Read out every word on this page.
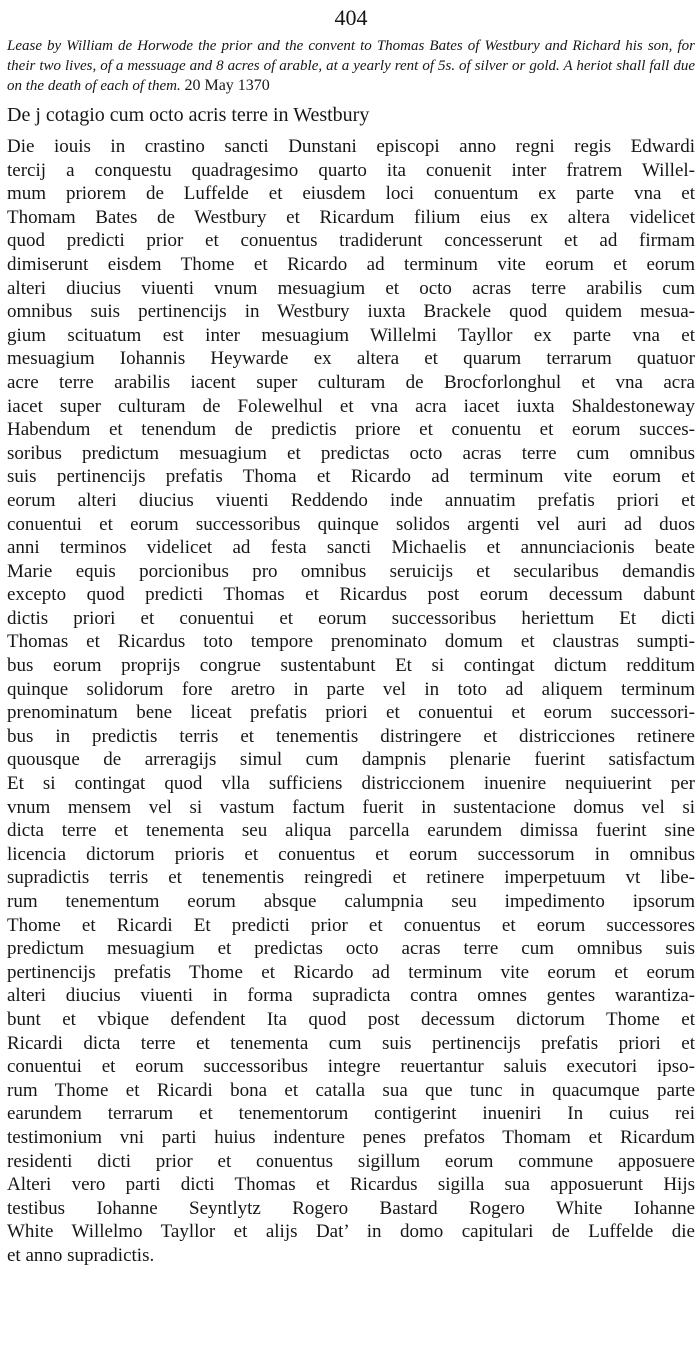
404

Lease by William de Horwode the prior and the convent to Thomas Bates of Westbury and Richard his son, for their two lives, of a messuage and 8 acres of arable, at a yearly rent of 5s. of silver or gold. A heriot shall fall due on the death of each of them. 20 May 1370

De j cotagio cum octo acris terre in Westbury
Die iouis in crastino sancti Dunstani episcopi anno regni regis Edwardi
tercij a conquestu quadragesimo quarto ita conuenit inter fratrem Willel-
mum priorem de Luffelde et eiusdem loci conuentum ex parte vna et
Thomam Bates de Westbury et Ricardum filium eius ex altera videlicet
quod predicti prior et conuentus tradiderunt concesserunt et ad firmam
dimiserunt eisdem Thome et Ricardo ad terminum vite eorum et eorum
alteri diucius viuenti vnum mesuagium et octo acras terre arabilis cum
omnibus suis pertinencijs in Westbury iuxta Brackele quod quidem mesua-
gium scituatum est inter mesuagium Willelmi Tayllor ex parte vna et
mesuagium Iohannis Heywarde ex altera et quarum terrarum quatuor
acre terre arabilis iacent super culturam de Brocforlonghul et vna acra
iacet super culturam de Folewelhul et vna acra iacet iuxta Shaldestoneway
Habendum et tenendum de predictis priore et conuentu et eorum succes-
soribus predictum mesuagium et predictas octo acras terre cum omnibus
suis pertinencijs prefatis Thoma et Ricardo ad terminum vite eorum et
eorum alteri diucius viuenti Reddendo inde annuatim prefatis priori et
conuentui et eorum successoribus quinque solidos argenti vel auri ad duos
anni terminos videlicet ad festa sancti Michaelis et annunciacionis beate
Marie equis porcionibus pro omnibus seruicijs et secularibus demandis
excepto quod predicti Thomas et Ricardus post eorum decessum dabunt
dictis priori et conuentui et eorum successoribus heriettum Et dicti
Thomas et Ricardus toto tempore prenominato domum et claustras sumpti-
bus eorum proprijs congrue sustentabunt Et si contingat dictum redditum
quinque solidorum fore aretro in parte vel in toto ad aliquem terminum
prenominatum bene liceat prefatis priori et conuentui et eorum successori-
bus in predictis terris et tenementis distringere et districciones retinere
quousque de arreragijs simul cum dampnis plenarie fuerint satisfactum
Et si contingat quod vlla sufficiens districcionem inuenire nequiuerint per
vnum mensem vel si vastum factum fuerit in sustentacione domus vel si
dicta terre et tenementa seu aliqua parcella earundem dimissa fuerint sine
licencia dictorum prioris et conuentus et eorum successorum in omnibus
supradictis terris et tenementis reingredi et retinere imperpetuum vt libe-
rum tenementum eorum absque calumpnia seu impedimento ipsorum
Thome et Ricardi Et predicti prior et conuentus et eorum successores
predictum mesuagium et predictas octo acras terre cum omnibus suis
pertinencijs prefatis Thome et Ricardo ad terminum vite eorum et eorum
alteri diucius viuenti in forma supradicta contra omnes gentes warantiza-
bunt et vbique defendent Ita quod post decessum dictorum Thome et
Ricardi dicta terre et tenementa cum suis pertinencijs prefatis priori et
conuentui et eorum successoribus integre reuertantur saluis executori ipso-
rum Thome et Ricardi bona et catalla sua que tunc in quacumque parte
earundem terrarum et tenementorum contigerint inueniri In cuius rei
testimonium vni parti huius indenture penes prefatos Thomam et Ricardum
residenti dicti prior et conuentus sigillum eorum commune apposuere
Alteri vero parti dicti Thomas et Ricardus sigilla sua apposuerunt Hijs
testibus Iohanne Seyntlytz Rogero Bastard Rogero White Iohanne
White Willelmo Tayllor et alijs Dat’ in domo capitulari de Luffelde die
et anno supradictis.
